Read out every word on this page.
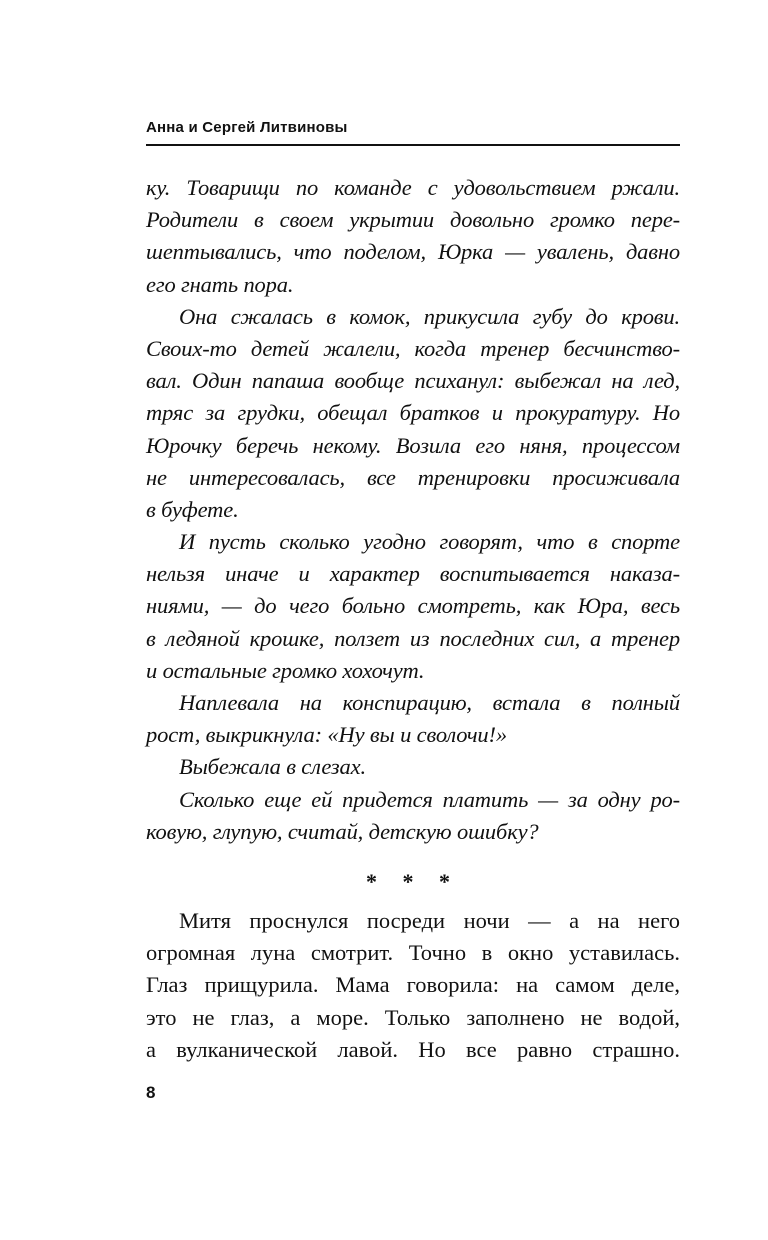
Анна и Сергей Литвиновы
ку. Товарищи по команде с удовольствием ржали.
Родители в своем укрытии довольно громко пере-
шептывались, что поделом, Юрка — увалень, давно
его гнать пора.
Она сжалась в комок, прикусила губу до крови.
Своих-то детей жалели, когда тренер бесчинство-
вал. Один папаша вообще психанул: выбежал на лед,
тряс за грудки, обещал братков и прокуратуру. Но
Юрочку беречь некому. Возила его няня, процессом
не интересовалась, все тренировки просиживала
в буфете.
И пусть сколько угодно говорят, что в спорте
нельзя иначе и характер воспитывается наказа-
ниями, — до чего больно смотреть, как Юра, весь
в ледяной крошке, ползет из последних сил, а тренер
и остальные громко хохочут.
Наплевала на конспирацию, встала в полный
рост, выкрикнула: «Ну вы и сволочи!»
Выбежала в слезах.
Сколько еще ей придется платить — за одну ро-
ковую, глупую, считай, детскую ошибку?
* * *
Митя проснулся посреди ночи — а на него
огромная луна смотрит. Точно в окно уставилась.
Глаз прищурила. Мама говорила: на самом деле,
это не глаз, а море. Только заполнено не водой,
а вулканической лавой. Но все равно страшно.
8
